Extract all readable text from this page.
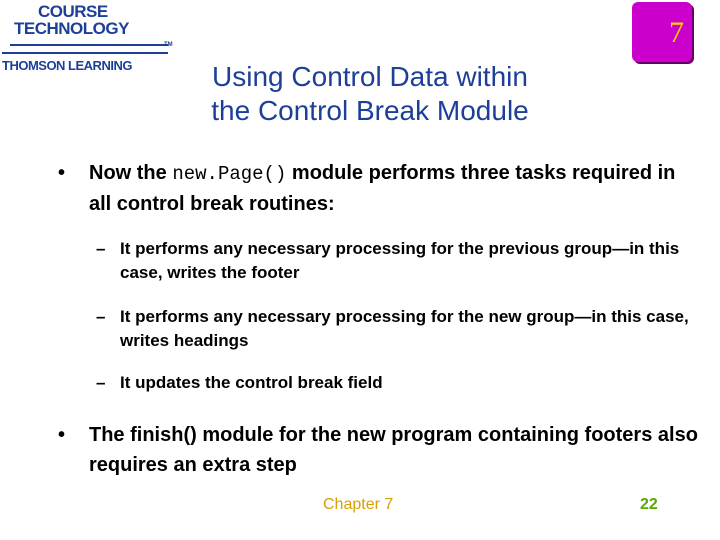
COURSE
TECHNOLOGY
TM
THOMSON LEARNING
7
Using Control Data within
the Control Break Module
• Now the new.Page() module performs three tasks required in all control break routines:
– It performs any necessary processing for the previous group—in this case, writes the footer
– It performs any necessary processing for the new group—in this case, writes headings
– It updates the control break field
• The finish() module for the new program containing footers also requires an extra step
Chapter 7	22
